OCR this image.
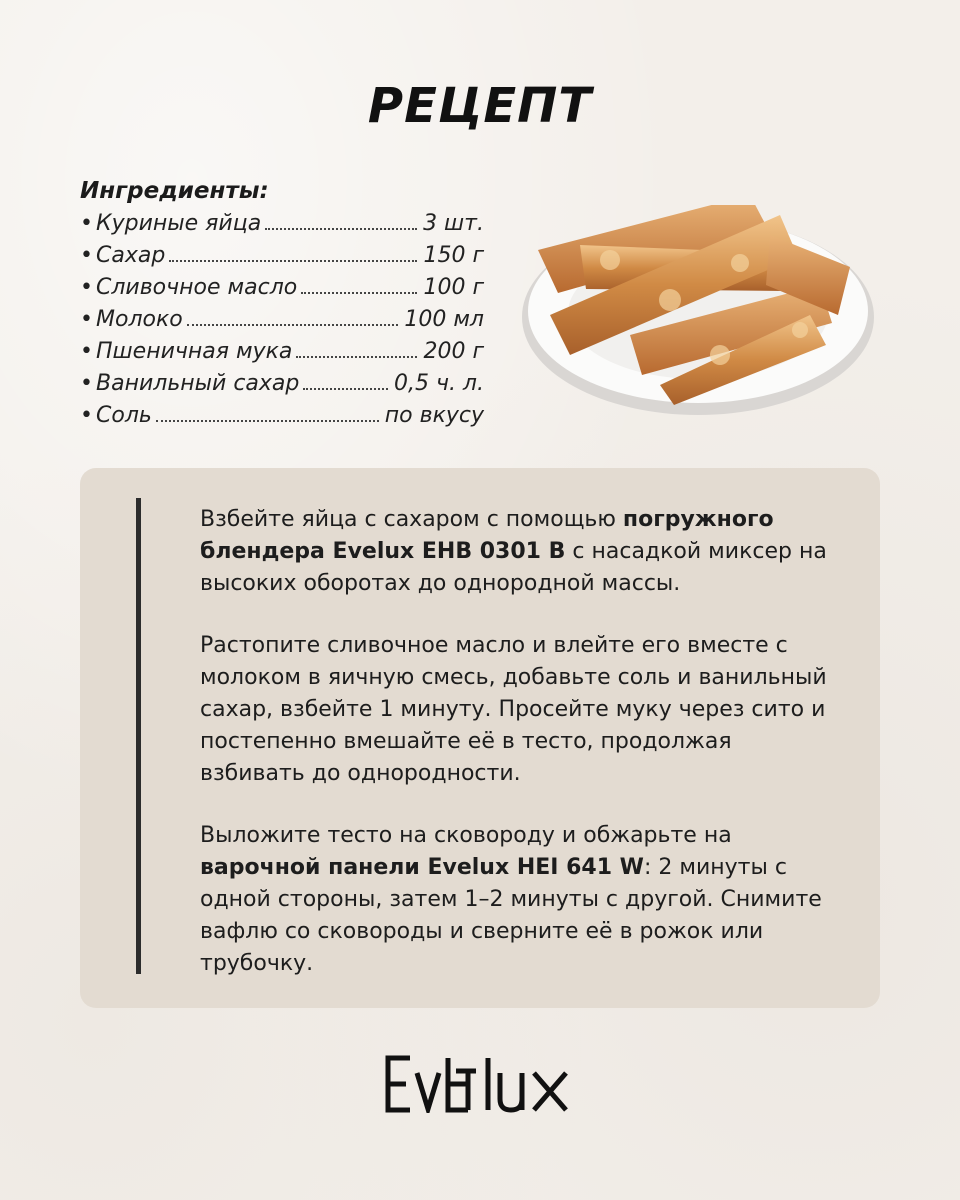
РЕЦЕПТ
Ингредиенты:
• Куриные яйца	3 шт.
• Сахар	150 г
• Сливочное масло	100 г
• Молоко	100 мл
• Пшеничная мука	200 г
• Ванильный сахар	0,5 ч. л.
• Соль	по вкусу

Взбейте яйца с сахаром с помощью погружного блендера Evelux EHB 0301 B с насадкой миксер на высоких оборотах до однородной массы.

Растопите сливочное масло и влейте его вместе с молоком в яичную смесь, добавьте соль и ванильный сахар, взбейте 1 минуту. Просейте муку через сито и постепенно вмешайте её в тесто, продолжая взбивать до однородности.

Выложите тесто на сковороду и обжарьте на варочной панели Evelux HEI 641 W: 2 минуты с одной стороны, затем 1–2 минуты с другой. Снимите вафлю со сковороды и сверните её в рожок или трубочку.
